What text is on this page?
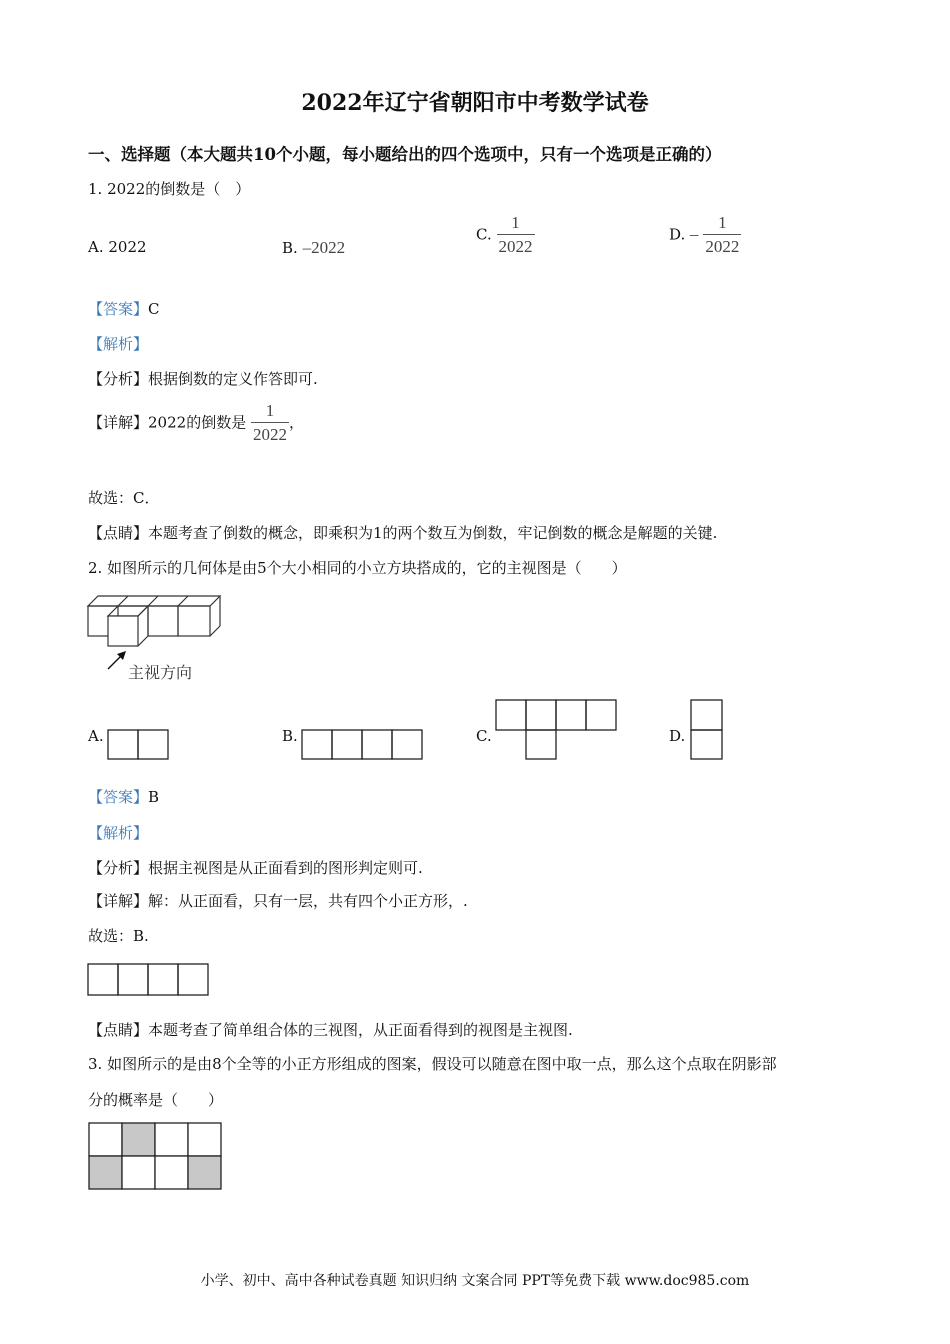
2022年辽宁省朝阳市中考数学试卷
一、选择题（本大题共10个小题，每小题给出的四个选项中，只有一个选项是正确的）
1. 2022的倒数是（　）
A. 2022	B. –2022
C. $\frac{1}{2022}$	D. – $\frac{1}{2022}$
【答案】C
【解析】
【分析】根据倒数的定义作答即可.
【详解】2022的倒数是 $\frac{1}{2022}$ ，
故选：C．
【点睛】本题考查了倒数的概念，即乘积为1的两个数互为倒数，牢记倒数的概念是解题的关键.
2. 如图所示的几何体是由5个大小相同的小立方块搭成的，它的主视图是（　　）
主视方向
A.	B.	C.	D.
【答案】B
【解析】
【分析】根据主视图是从正面看到的图形判定则可.
【详解】解：从正面看，只有一层，共有四个小正方形，.
故选：B.
【点睛】本题考查了简单组合体的三视图，从正面看得到的视图是主视图.
3. 如图所示的是由8个全等的小正方形组成的图案，假设可以随意在图中取一点，那么这个点取在阴影部
分的概率是（　　）
小学、初中、高中各种试卷真题 知识归纳 文案合同 PPT等免费下载 www.doc985.com
